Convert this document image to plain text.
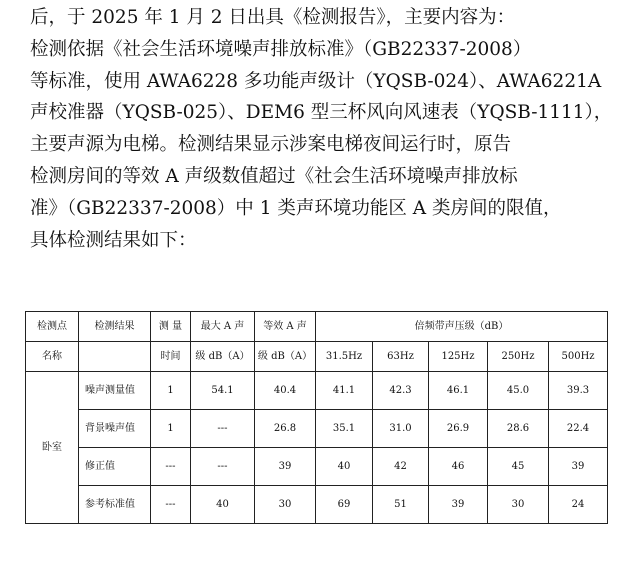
后，于 2025 年 1 月 2 日出具《检测报告》，主要内容为：
检测依据《社会生活环境噪声排放标准》（GB22337-2008）
等标准，使用 AWA6228 多功能声级计（YQSB-024）、AWA6221A
声校准器（YQSB-025）、DEM6 型三杯风向风速表（YQSB-1111），
主要声源为电梯。检测结果显示涉案电梯夜间运行时，原告
检测房间的等效 A 声级数值超过《社会生活环境噪声排放标
准》（GB22337-2008）中 1 类声环境功能区 A 类房间的限值，
具体检测结果如下：
检测点	检测结果	测 量	最大 A 声	等效 A 声	倍频带声压级（dB）				
名称		时间	级 dB（A）	级 dB（A）	31.5Hz	63Hz	125Hz	250Hz	500Hz
卧室	噪声测量值	1	54.1	40.4	41.1	42.3	46.1	45.0	39.3
	背景噪声值	1	---	26.8	35.1	31.0	26.9	28.6	22.4
	修正值	---	---	39	40	42	46	45	39
	参考标准值	---	40	30	69	51	39	30	24
